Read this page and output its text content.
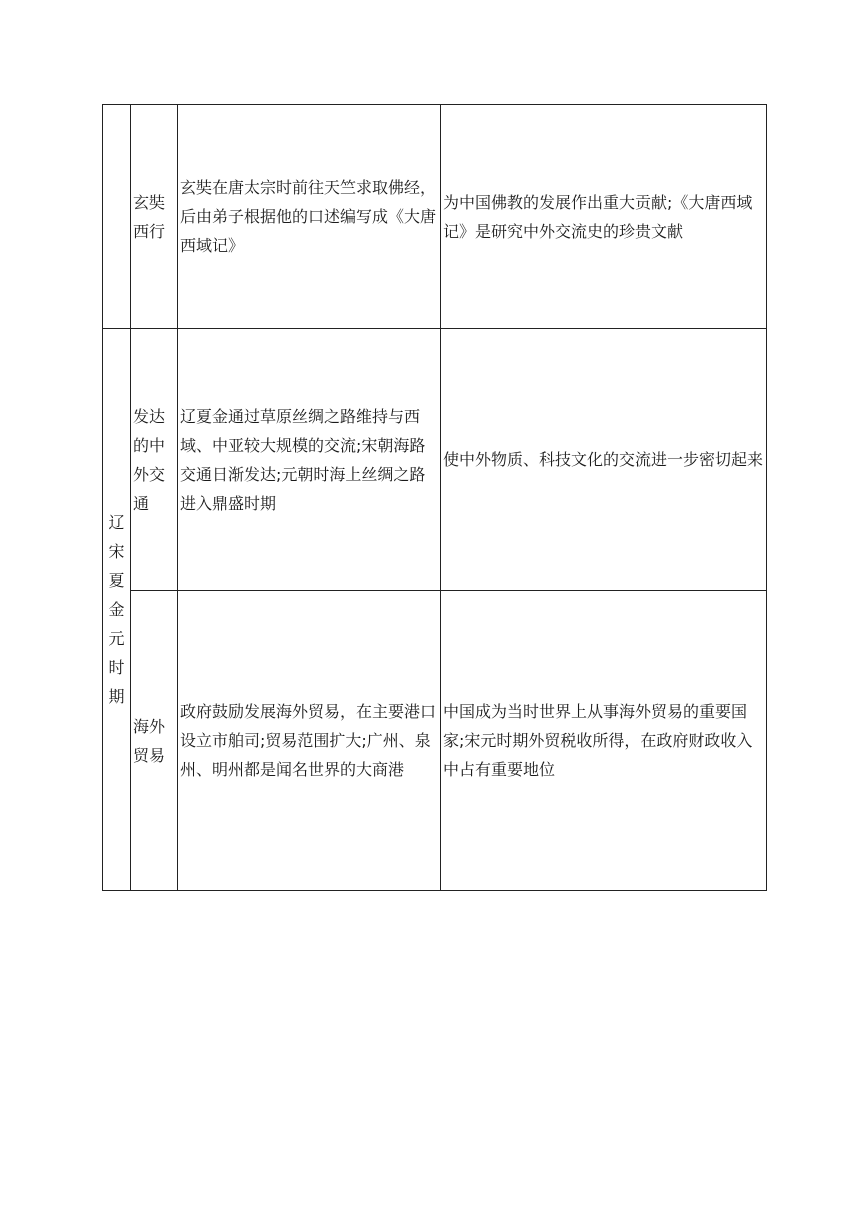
	玄奘西行	玄奘在唐太宗时前往天竺求取佛经，后由弟子根据他的口述编写成《大唐西域记》	为中国佛教的发展作出重大贡献;《大唐西域记》是研究中外交流史的珍贵文献

辽宋夏金元时期	发达的中外交通	辽夏金通过草原丝绸之路维持与西域、中亚较大规模的交流;宋朝海路交通日渐发达;元朝时海上丝绸之路进入鼎盛时期	使中外物质、科技文化的交流进一步密切起来

	海外贸易	政府鼓励发展海外贸易，在主要港口设立市舶司;贸易范围扩大;广州、泉州、明州都是闻名世界的大商港	中国成为当时世界上从事海外贸易的重要国家;宋元时期外贸税收所得，在政府财政收入中占有重要地位
